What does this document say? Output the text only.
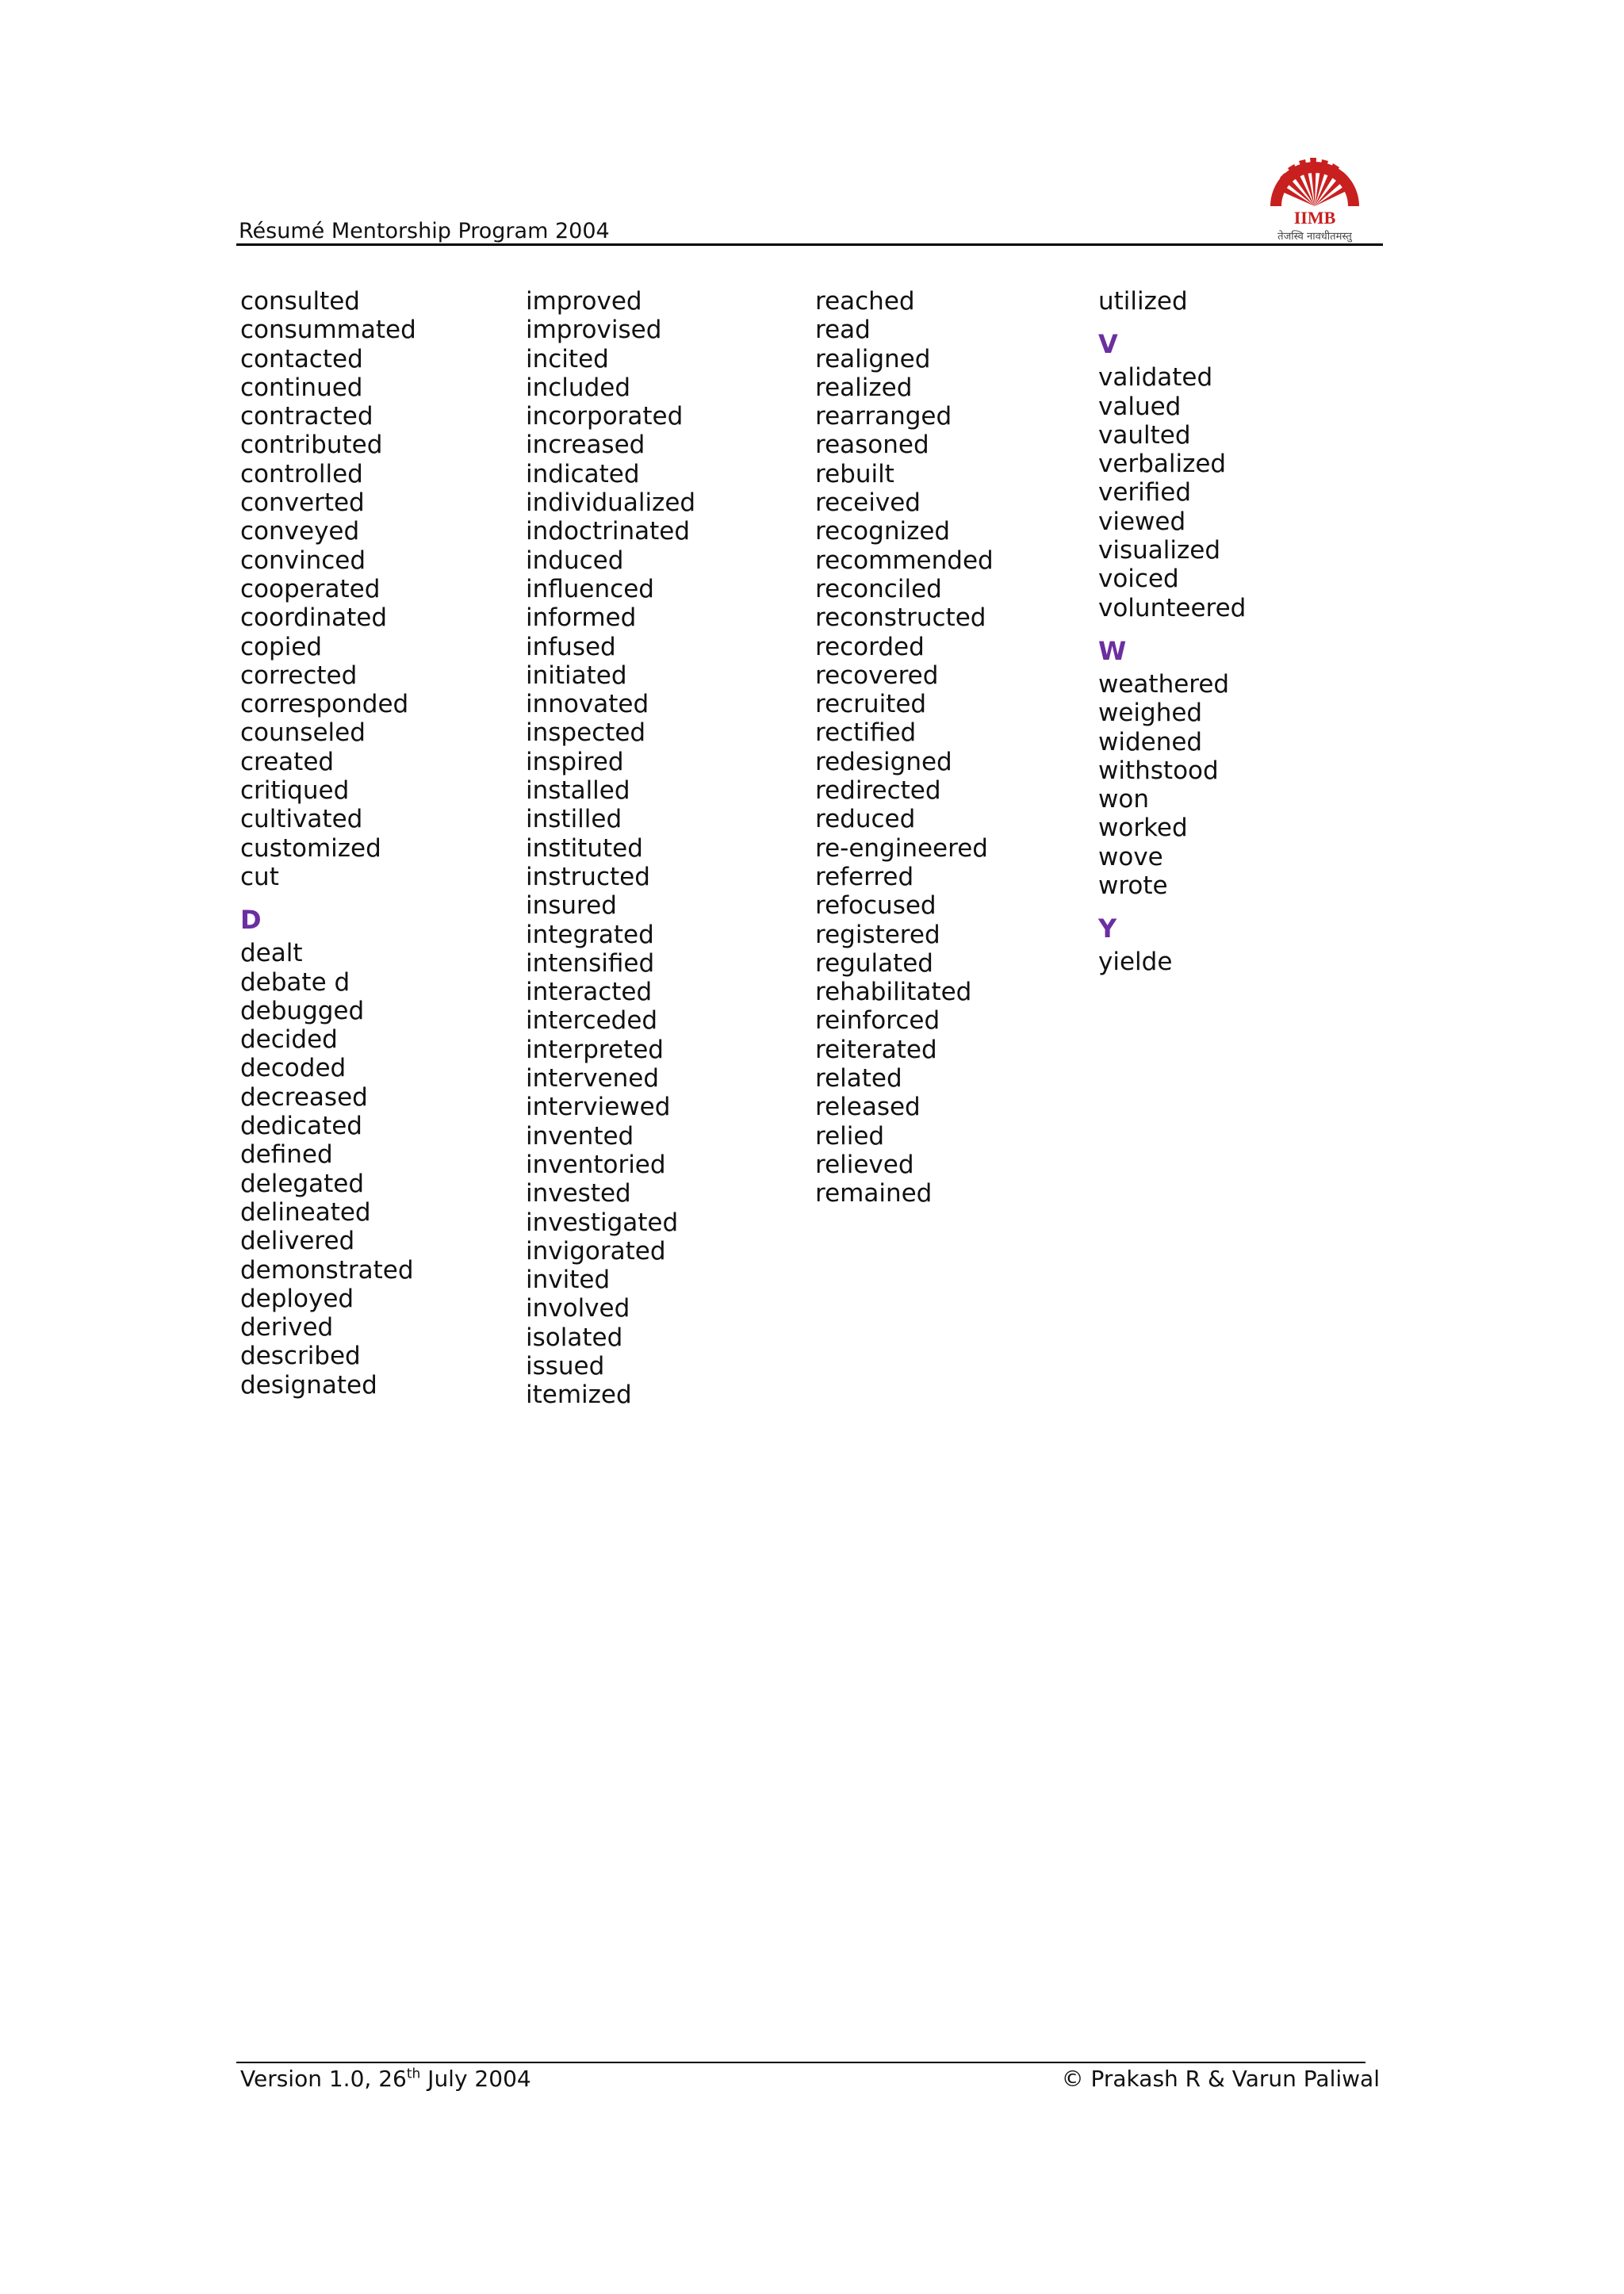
Résumé Mentorship Program 2004
IIMB
तेजस्वि नावधीतमस्तु
consulted
consummated
contacted
continued
contracted
contributed
controlled
converted
conveyed
convinced
cooperated
coordinated
copied
corrected
corresponded
counseled
created
critiqued
cultivated
customized
cut
D
dealt
debate d
debugged
decided
decoded
decreased
dedicated
defined
delegated
delineated
delivered
demonstrated
deployed
derived
described
designated
improved
improvised
incited
included
incorporated
increased
indicated
individualized
indoctrinated
induced
influenced
informed
infused
initiated
innovated
inspected
inspired
installed
instilled
instituted
instructed
insured
integrated
intensified
interacted
interceded
interpreted
intervened
interviewed
invented
inventoried
invested
investigated
invigorated
invited
involved
isolated
issued
itemized
reached
read
realigned
realized
rearranged
reasoned
rebuilt
received
recognized
recommended
reconciled
reconstructed
recorded
recovered
recruited
rectified
redesigned
redirected
reduced
re-engineered
referred
refocused
registered
regulated
rehabilitated
reinforced
reiterated
related
released
relied
relieved
remained
utilized
V
validated
valued
vaulted
verbalized
verified
viewed
visualized
voiced
volunteered
W
weathered
weighed
widened
withstood
won
worked
wove
wrote
Y
yielde
Version 1.0, 26th July 2004	© Prakash R & Varun Paliwal
